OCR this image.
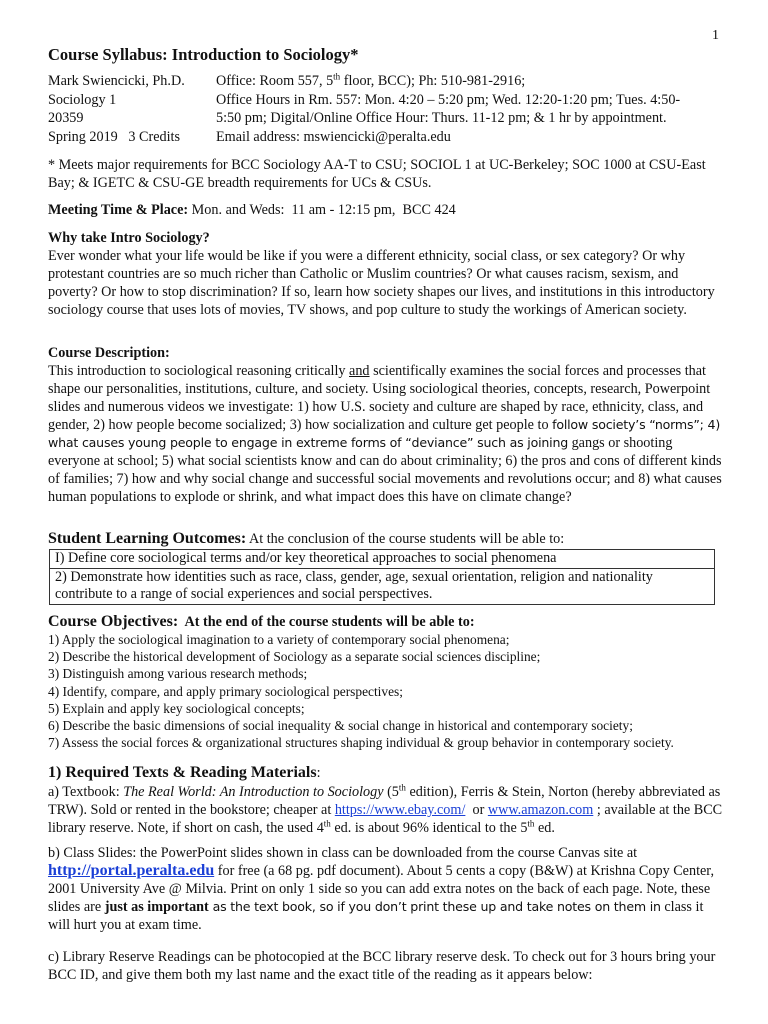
1
Course Syllabus: Introduction to Sociology*
Mark Swiencicki, Ph.D.	Office: Room 557, 5th floor, BCC); Ph: 510-981-2916;
Sociology 1	Office Hours in Rm. 557: Mon. 4:20 – 5:20 pm; Wed. 12:20-1:20 pm; Tues. 4:50-
20359	5:50 pm; Digital/Online Office Hour: Thurs. 11-12 pm; & 1 hr by appointment.
Spring 2019   3 Credits	Email address: mswiencicki@peralta.edu

* Meets major requirements for BCC Sociology AA-T to CSU; SOCIOL 1 at UC-Berkeley; SOC 1000 at CSU-East Bay; & IGETC & CSU-GE breadth requirements for UCs & CSUs.

Meeting Time & Place: Mon. and Weds:  11 am - 12:15 pm,  BCC 424

Why take Intro Sociology?

Ever wonder what your life would be like if you were a different ethnicity, social class, or sex category? Or why protestant countries are so much richer than Catholic or Muslim countries? Or what causes racism, sexism, and poverty? Or how to stop discrimination? If so, learn how society shapes our lives, and institutions in this introductory sociology course that uses lots of movies, TV shows, and pop culture to study the workings of American society.

Course Description:

This introduction to sociological reasoning critically and scientifically examines the social forces and processes that shape our personalities, institutions, culture, and society. Using sociological theories, concepts, research, Powerpoint slides and numerous videos we investigate: 1) how U.S. society and culture are shaped by race, ethnicity, class, and gender, 2) how people become socialized; 3) how socialization and culture get people to follow society’s “norms”; 4) what causes young people to engage in extreme forms of “deviance” such as joining gangs or shooting everyone at school; 5) what social scientists know and can do about criminality; 6) the pros and cons of different kinds of families; 7) how and why social change and successful social movements and revolutions occur; and 8) what causes human populations to explode or shrink, and what impact does this have on climate change?

Student Learning Outcomes: At the conclusion of the course students will be able to:
I) Define core sociological terms and/or key theoretical approaches to social phenomena
2) Demonstrate how identities such as race, class, gender, age, sexual orientation, religion and nationality contribute to a range of social experiences and social perspectives.
Course Objectives:  At the end of the course students will be able to:
1) Apply the sociological imagination to a variety of contemporary social phenomena;
2) Describe the historical development of Sociology as a separate social sciences discipline;
3) Distinguish among various research methods;
4) Identify, compare, and apply primary sociological perspectives;
5) Explain and apply key sociological concepts;
6) Describe the basic dimensions of social inequality & social change in historical and contemporary society;
7) Assess the social forces & organizational structures shaping individual & group behavior in contemporary society.
1) Required Texts & Reading Materials:

a) Textbook: The Real World: An Introduction to Sociology (5th edition), Ferris & Stein, Norton (hereby abbreviated as TRW). Sold or rented in the bookstore; cheaper at https://www.ebay.com/  or www.amazon.com ; available at the BCC library reserve. Note, if short on cash, the used 4th ed. is about 96% identical to the 5th ed.

b) Class Slides: the PowerPoint slides shown in class can be downloaded from the course Canvas site at http://portal.peralta.edu for free (a 68 pg. pdf document). About 5 cents a copy (B&W) at Krishna Copy Center, 2001 University Ave @ Milvia. Print on only 1 side so you can add extra notes on the back of each page. Note, these slides are just as important as the text book, so if you don’t print these up and take notes on them in class it will hurt you at exam time.

c) Library Reserve Readings can be photocopied at the BCC library reserve desk. To check out for 3 hours bring your BCC ID, and give them both my last name and the exact title of the reading as it appears below:
